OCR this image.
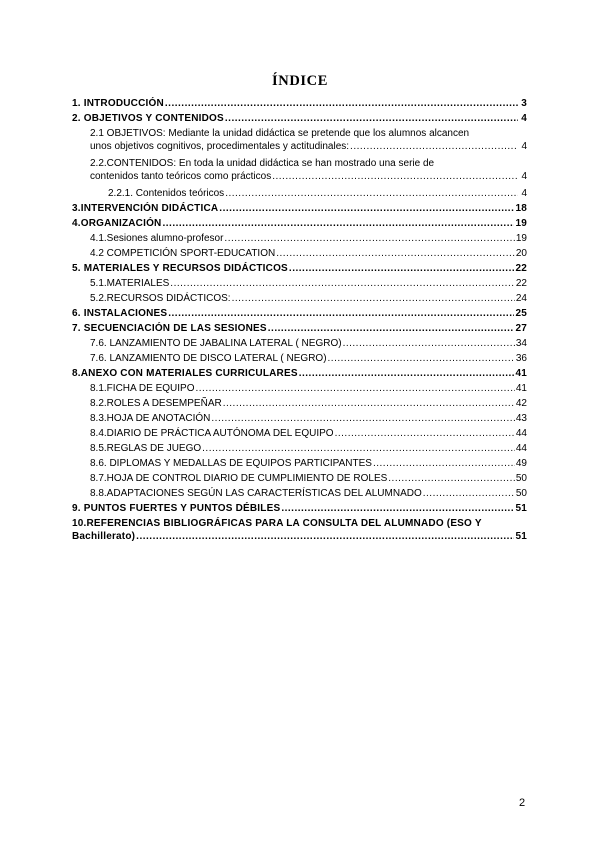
ÍNDICE
1. INTRODUCCIÓN .....	3
2. OBJETIVOS Y CONTENIDOS .....	4
2.1 OBJETIVOS: Mediante la unidad didáctica se pretende que los alumnos alcancen
unos objetivos cognitivos, procedimentales y actitudinales: .....	4
2.2.CONTENIDOS: En toda la unidad didáctica se han mostrado una serie de
contenidos tanto teóricos como prácticos .....	4
2.2.1. Contenidos teóricos .....	4
3.INTERVENCIÓN DIDÁCTICA .....	18
4.ORGANIZACIÓN .....	19
4.1.Sesiones alumno-profesor .....	19
4.2 COMPETICIÓN SPORT-EDUCATION .....	20
5. MATERIALES Y RECURSOS DIDÁCTICOS .....	22
5.1.MATERIALES .....	22
5.2.RECURSOS DIDÁCTICOS: .....	24
6. INSTALACIONES .....	25
7. SECUENCIACIÓN DE LAS SESIONES .....	27
7.6. LANZAMIENTO DE JABALINA LATERAL ( NEGRO) .....	34
7.6. LANZAMIENTO DE DISCO LATERAL ( NEGRO) .....	36
8.ANEXO CON MATERIALES CURRICULARES .....	41
8.1.FICHA DE EQUIPO .....	41
8.2.ROLES A DESEMPEÑAR .....	42
8.3.HOJA DE ANOTACIÓN .....	43
8.4.DIARIO DE PRÁCTICA AUTÓNOMA DEL EQUIPO .....	44
8.5.REGLAS DE JUEGO .....	44
8.6. DIPLOMAS Y MEDALLAS DE EQUIPOS PARTICIPANTES .....	49
8.7.HOJA DE CONTROL DIARIO DE CUMPLIMIENTO DE ROLES .....	50
8.8.ADAPTACIONES SEGÚN LAS CARACTERÍSTICAS DEL ALUMNADO .....	50
9. PUNTOS FUERTES Y PUNTOS DÉBILES .....	51
10.REFERENCIAS BIBLIOGRÁFICAS PARA LA CONSULTA DEL ALUMNADO (ESO Y
Bachillerato) .....	51
2
